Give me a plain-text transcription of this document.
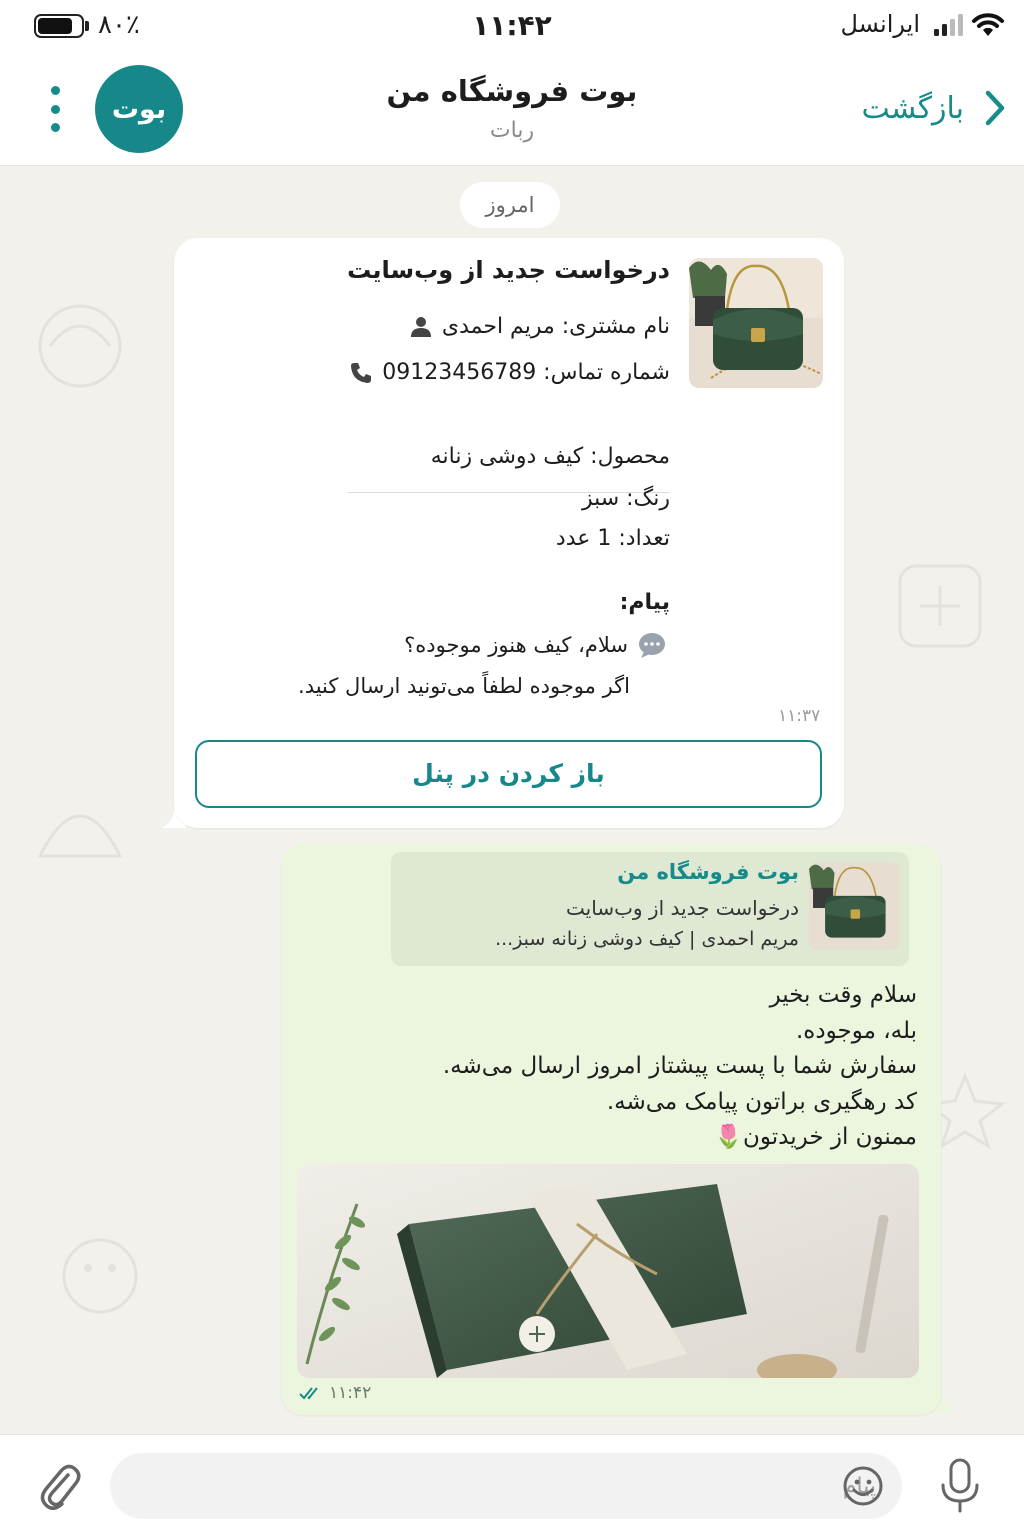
۸۰٪	۱۱:۴۲	ایرانسل
بازگشت
بوت فروشگاه من
ربات
بوت
امروز
درخواست جدید از وب‌سایت
نام مشتری: مریم احمدی
شماره تماس: 09123456789
محصول: کیف دوشی زنانه
رنگ: سبز
تعداد: 1 عدد
پیام:
سلام، کیف هنوز موجوده؟
اگر موجوده لطفاً می‌تونید ارسال کنید.
۱۱:۳۷
باز کردن در پنل
بوت فروشگاه من
درخواست جدید از وب‌سایت
مریم احمدی | کیف دوشی زنانه سبز...
سلام وقت بخیر
بله، موجوده.
سفارش شما با پست پیشتاز امروز ارسال می‌شه.
کد رهگیری براتون پیامک می‌شه.
ممنون از خریدتون🌷
۱۱:۴۲
پیام
